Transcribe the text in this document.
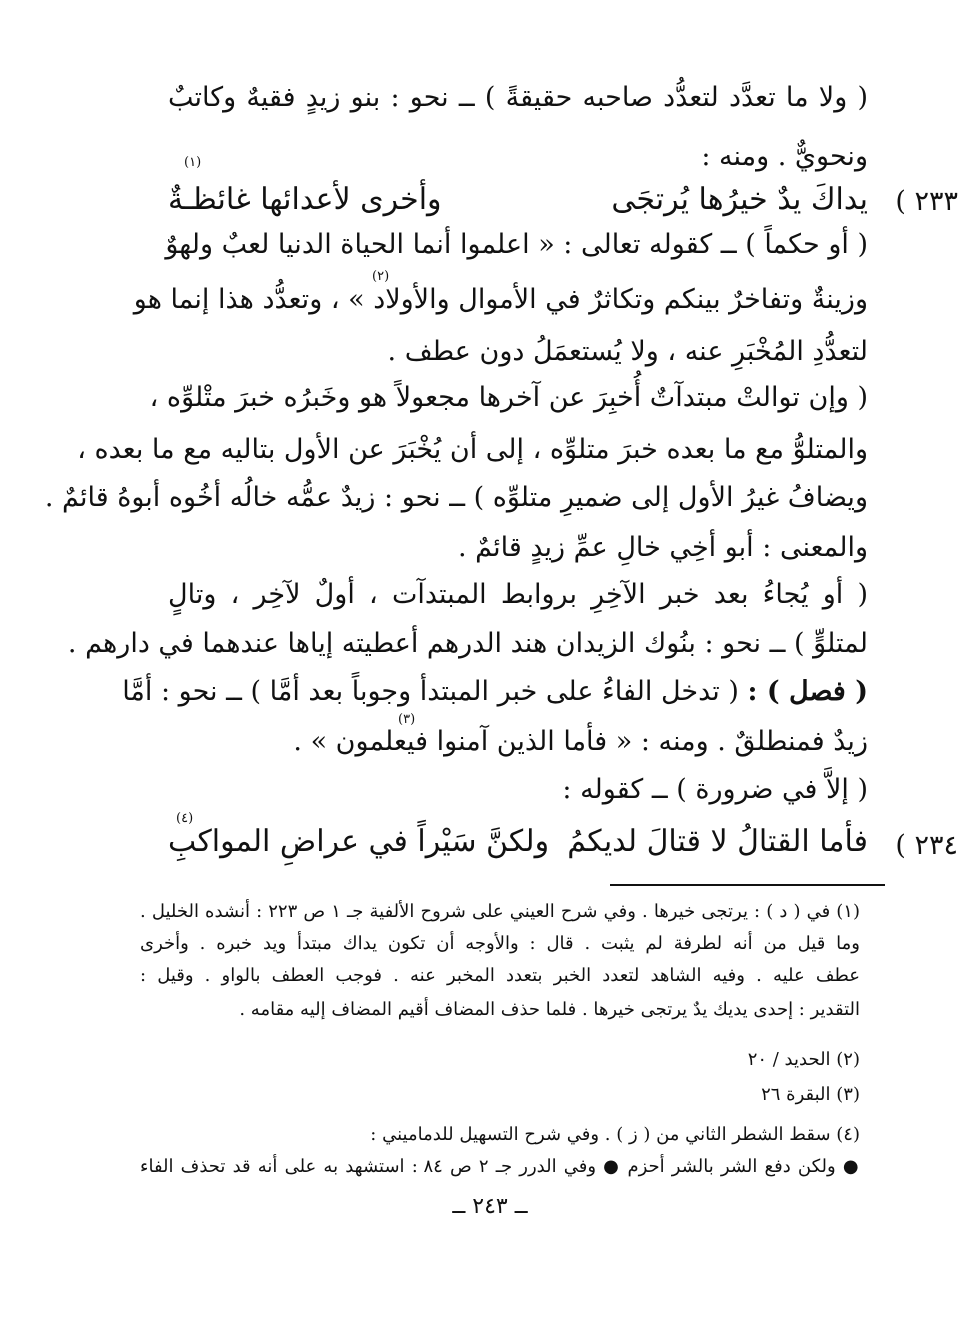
( ولا ما تعدَّد لتعدُّد صاحبه حقيقةً ) ــ نحو : بنو زيدٍ فقيهٌ وكاتبٌ
ونحويٌّ . ومنه :
٢٣٣ )
يداكَ يدٌ خيرُها يُرتجَى
وأخرى لأعدائها غائظـةٌ
(١)
( أو حكماً ) ــ كقوله تعالى : « اعلموا أنما الحياة الدنيا لعبٌ ولهوٌ
وزينةٌ وتفاخرٌ بينكم وتكاثرٌ في الأموال والأولاد » ، وتعدُّد هذا إنما هو
(٢)
لتعدُّدِ المُخْبَرِ عنه ، ولا يُستعمَلُ دون عطف .
( وإن توالتْ مبتدآتٌ أُخبِرَ عن آخرها مجعولاً هو وخَبرُه خبرَ متْلوِّه ،
والمتلوُّ مع ما بعده خبرَ متلوِّه ، إلى أن يُخْبَرَ عن الأول بتاليه مع ما بعده ،
ويضافُ غيرُ الأول إلى ضميرِ متلوِّه ) ــ نحو : زيدٌ عمُّه خالُه أخُوه أبوهُ قائمٌ .
والمعنى : أبو أخِي خالِ عمِّ زيدٍ قائمٌ .
( أو يُجاءُ بعد خبر الآخِرِ بروابط المبتدآت ، أولٌ لآخِر ، وتالٍ
لمتلوٍّ ) ــ نحو : بنُوك الزيدان هند الدرهم أعطيته إياها عندهما في دارهم .
( فصل ) : ( تدخل الفاءُ على خبر المبتدأ وجوباً بعد أمَّا ) ــ نحو : أمَّا
زيدٌ فمنطلقٌ . ومنه : « فأما الذين آمنوا فيعلمون » .
(٣)
( إلاَّ في ضرورة ) ــ كقوله :
٢٣٤ )
فأما القتالُ لا قتالَ لديكمُ
ولكنَّ سَيْراً في عراضِ المواكبِ
(٤)
(١) في ( د ) : يرتجى خيرها . وفي شرح العيني على شروح الألفية جـ ١ ص ٢٢٣ : أنشده الخليل .
وما قيل من أنه لطرفة لم يثبت . قال : والأوجه أن تكون يداك مبتدأ ويد خبره . وأخرى
عطف عليه . وفيه الشاهد لتعدد الخبر بتعدد المخبر عنه . فوجب العطف بالواو . وقيل :
التقدير : إحدى يديك يدٌ يرتجى خيرها . فلما حذف المضاف أقيم المضاف إليه مقامه .
(٢) الحديد / ٢٠
(٣) البقرة ٢٦
(٤) سقط الشطر الثاني من ( ز ) . وفي شرح التسهيل للدماميني :
● ولكن دفع الشر بالشر أحزم ● وفي الدرر جـ ٢ ص ٨٤ : استشهد به على أنه قد تحذف الفاء
ــ ٢٤٣ ــ
